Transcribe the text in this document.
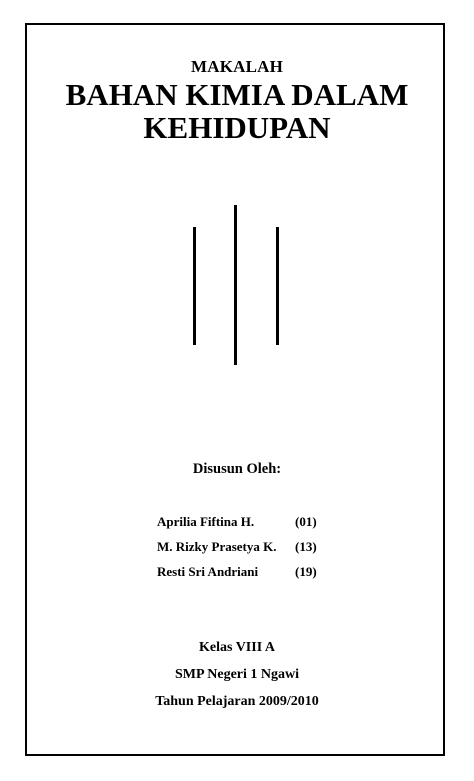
MAKALAH
BAHAN KIMIA DALAM
KEHIDUPAN
Disusun Oleh:
Aprilia Fiftina H.	(01)
M. Rizky Prasetya K. (13)
Resti Sri Andriani	(19)
Kelas VIII A
SMP Negeri 1 Ngawi
Tahun Pelajaran 2009/2010
